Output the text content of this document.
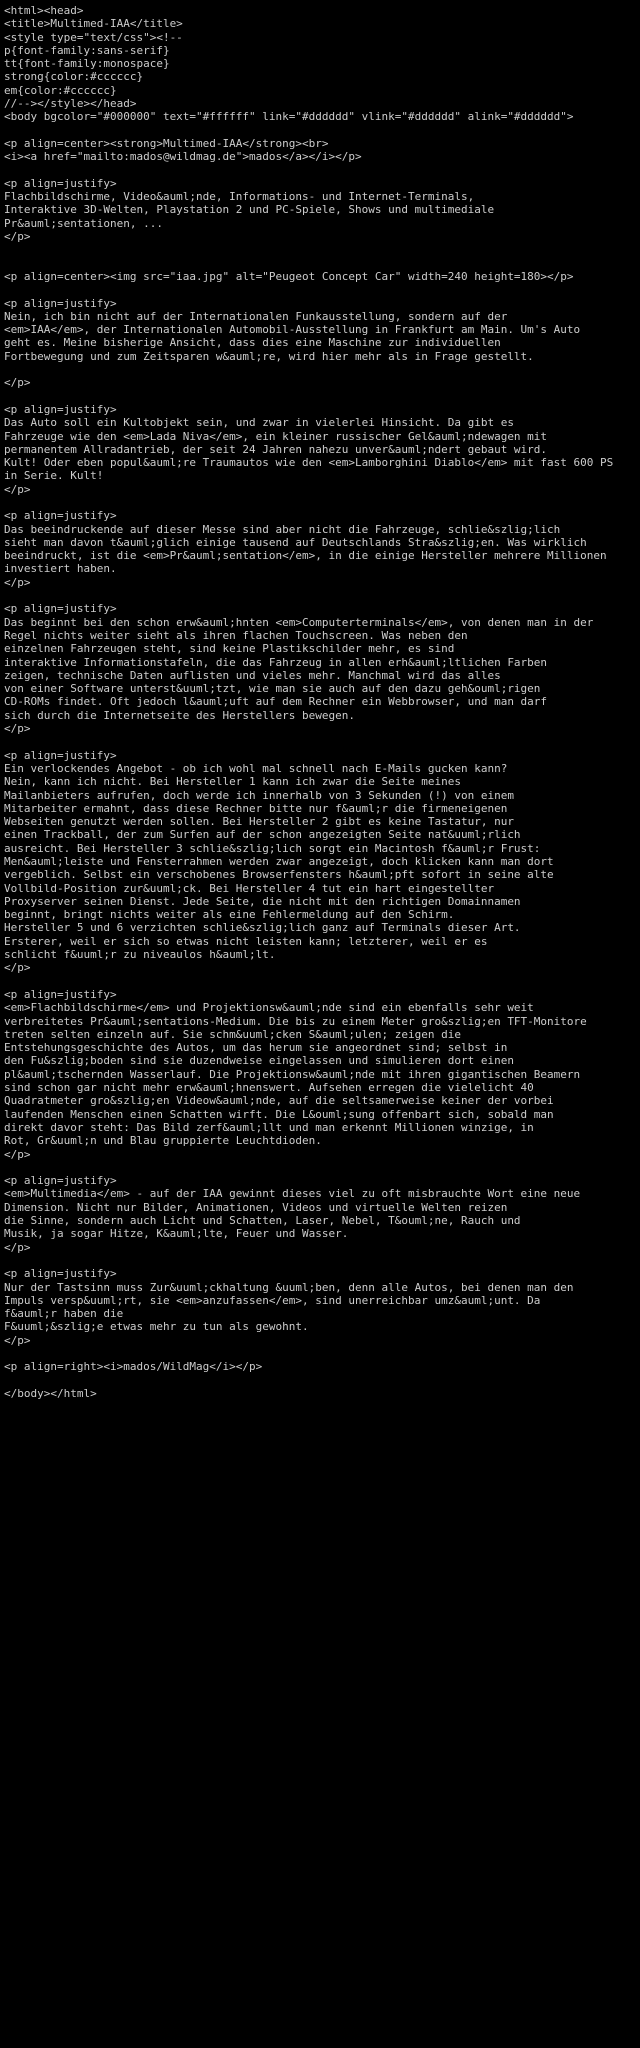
<html><head>
<title>Multimed-IAA</title>
<style type="text/css"><!--
p{font-family:sans-serif}
tt{font-family:monospace}
strong{color:#cccccc}
em{color:#cccccc}
//--></style></head>
<body bgcolor="#000000" text="#ffffff" link="#dddddd" vlink="#dddddd" alink="#dddddd">

<p align=center><strong>Multimed-IAA</strong><br>
<i><a href="mailto:mados@wildmag.de">mados</a></i></p>

<p align=justify>
Flachbildschirme, Video&auml;nde, Informations- und Internet-Terminals,
Interaktive 3D-Welten, Playstation 2 und PC-Spiele, Shows und multimediale
Pr&auml;sentationen, ...
</p>

<p align=center><img src="iaa.jpg" alt="Peugeot Concept Car" width=240 height=180></p>

<p align=justify>
Nein, ich bin nicht auf der Internationalen Funkausstellung, sondern auf der
<em>IAA</em>, der Internationalen Automobil-Ausstellung in Frankfurt am Main. Um's Auto
geht es. Meine bisherige Ansicht, dass dies eine Maschine zur individuellen
Fortbewegung und zum Zeitsparen w&auml;re, wird hier mehr als in Frage gestellt.

</p>

<p align=justify>
Das Auto soll ein Kultobjekt sein, und zwar in vielerlei Hinsicht. Da gibt es
Fahrzeuge wie den <em>Lada Niva</em>, ein kleiner russischer Gel&auml;ndewagen mit
permanentem Allradantrieb, der seit 24 Jahren nahezu unver&auml;ndert gebaut wird.
Kult! Oder eben popul&auml;re Traumautos wie den <em>Lamborghini Diablo</em> mit fast 600 PS
in Serie. Kult!
</p>

<p align=justify>
Das beeindruckende auf dieser Messe sind aber nicht die Fahrzeuge, schlie&szlig;lich
sieht man davon t&auml;glich einige tausend auf Deutschlands Stra&szlig;en. Was wirklich
beeindruckt, ist die <em>Pr&auml;sentation</em>, in die einige Hersteller mehrere Millionen
investiert haben.
</p>

<p align=justify>
Das beginnt bei den schon erw&auml;hnten <em>Computerterminals</em>, von denen man in der
Regel nichts weiter sieht als ihren flachen Touchscreen. Was neben den
einzelnen Fahrzeugen steht, sind keine Plastikschilder mehr, es sind
interaktive Informationstafeln, die das Fahrzeug in allen erh&auml;ltlichen Farben
zeigen, technische Daten auflisten und vieles mehr. Manchmal wird das alles
von einer Software unterst&uuml;tzt, wie man sie auch auf den dazu geh&ouml;rigen
CD-ROMs findet. Oft jedoch l&auml;uft auf dem Rechner ein Webbrowser, und man darf
sich durch die Internetseite des Herstellers bewegen.
</p>

<p align=justify>
Ein verlockendes Angebot - ob ich wohl mal schnell nach E-Mails gucken kann?
Nein, kann ich nicht. Bei Hersteller 1 kann ich zwar die Seite meines
Mailanbieters aufrufen, doch werde ich innerhalb von 3 Sekunden (!) von einem
Mitarbeiter ermahnt, dass diese Rechner bitte nur f&auml;r die firmeneigenen
Webseiten genutzt werden sollen. Bei Hersteller 2 gibt es keine Tastatur, nur
einen Trackball, der zum Surfen auf der schon angezeigten Seite nat&uuml;rlich
ausreicht. Bei Hersteller 3 schlie&szlig;lich sorgt ein Macintosh f&auml;r Frust:
Men&auml;leiste und Fensterrahmen werden zwar angezeigt, doch klicken kann man dort
vergeblich. Selbst ein verschobenes Browserfensters h&auml;pft sofort in seine alte
Vollbild-Position zur&uuml;ck. Bei Hersteller 4 tut ein hart eingestellter
Proxyserver seinen Dienst. Jede Seite, die nicht mit den richtigen Domainnamen
beginnt, bringt nichts weiter als eine Fehlermeldung auf den Schirm.
Hersteller 5 und 6 verzichten schlie&szlig;lich ganz auf Terminals dieser Art.
Ersterer, weil er sich so etwas nicht leisten kann; letzterer, weil er es
schlicht f&uuml;r zu niveaulos h&auml;lt.
</p>

<p align=justify>
<em>Flachbildschirme</em> und Projektionsw&auml;nde sind ein ebenfalls sehr weit
verbreitetes Pr&auml;sentations-Medium. Die bis zu einem Meter gro&szlig;en TFT-Monitore
treten selten einzeln auf. Sie schm&uuml;cken S&auml;ulen; zeigen die
Entstehungsgeschichte des Autos, um das herum sie angeordnet sind; selbst in
den Fu&szlig;boden sind sie duzendweise eingelassen und simulieren dort einen
pl&auml;tschernden Wasserlauf. Die Projektionsw&auml;nde mit ihren gigantischen Beamern
sind schon gar nicht mehr erw&auml;hnenswert. Aufsehen erregen die vielelicht 40
Quadratmeter gro&szlig;en Videow&auml;nde, auf die seltsamerweise keiner der vorbei
laufenden Menschen einen Schatten wirft. Die L&ouml;sung offenbart sich, sobald man
direkt davor steht: Das Bild zerf&auml;llt und man erkennt Millionen winzige, in
Rot, Gr&uuml;n und Blau gruppierte Leuchtdioden.
</p>

<p align=justify>
<em>Multimedia</em> - auf der IAA gewinnt dieses viel zu oft misbrauchte Wort eine neue
Dimension. Nicht nur Bilder, Animationen, Videos und virtuelle Welten reizen
die Sinne, sondern auch Licht und Schatten, Laser, Nebel, T&ouml;ne, Rauch und
Musik, ja sogar Hitze, K&auml;lte, Feuer und Wasser.
</p>

<p align=justify>
Nur der Tastsinn muss Zur&uuml;ckhaltung &uuml;ben, denn alle Autos, bei denen man den
Impuls versp&uuml;rt, sie <em>anzufassen</em>, sind unerreichbar umz&auml;unt. Da
f&auml;r haben die
F&uuml;&szlig;e etwas mehr zu tun als gewohnt.
</p>

<p align=right><i>mados/WildMag</i></p>

</body></html>
